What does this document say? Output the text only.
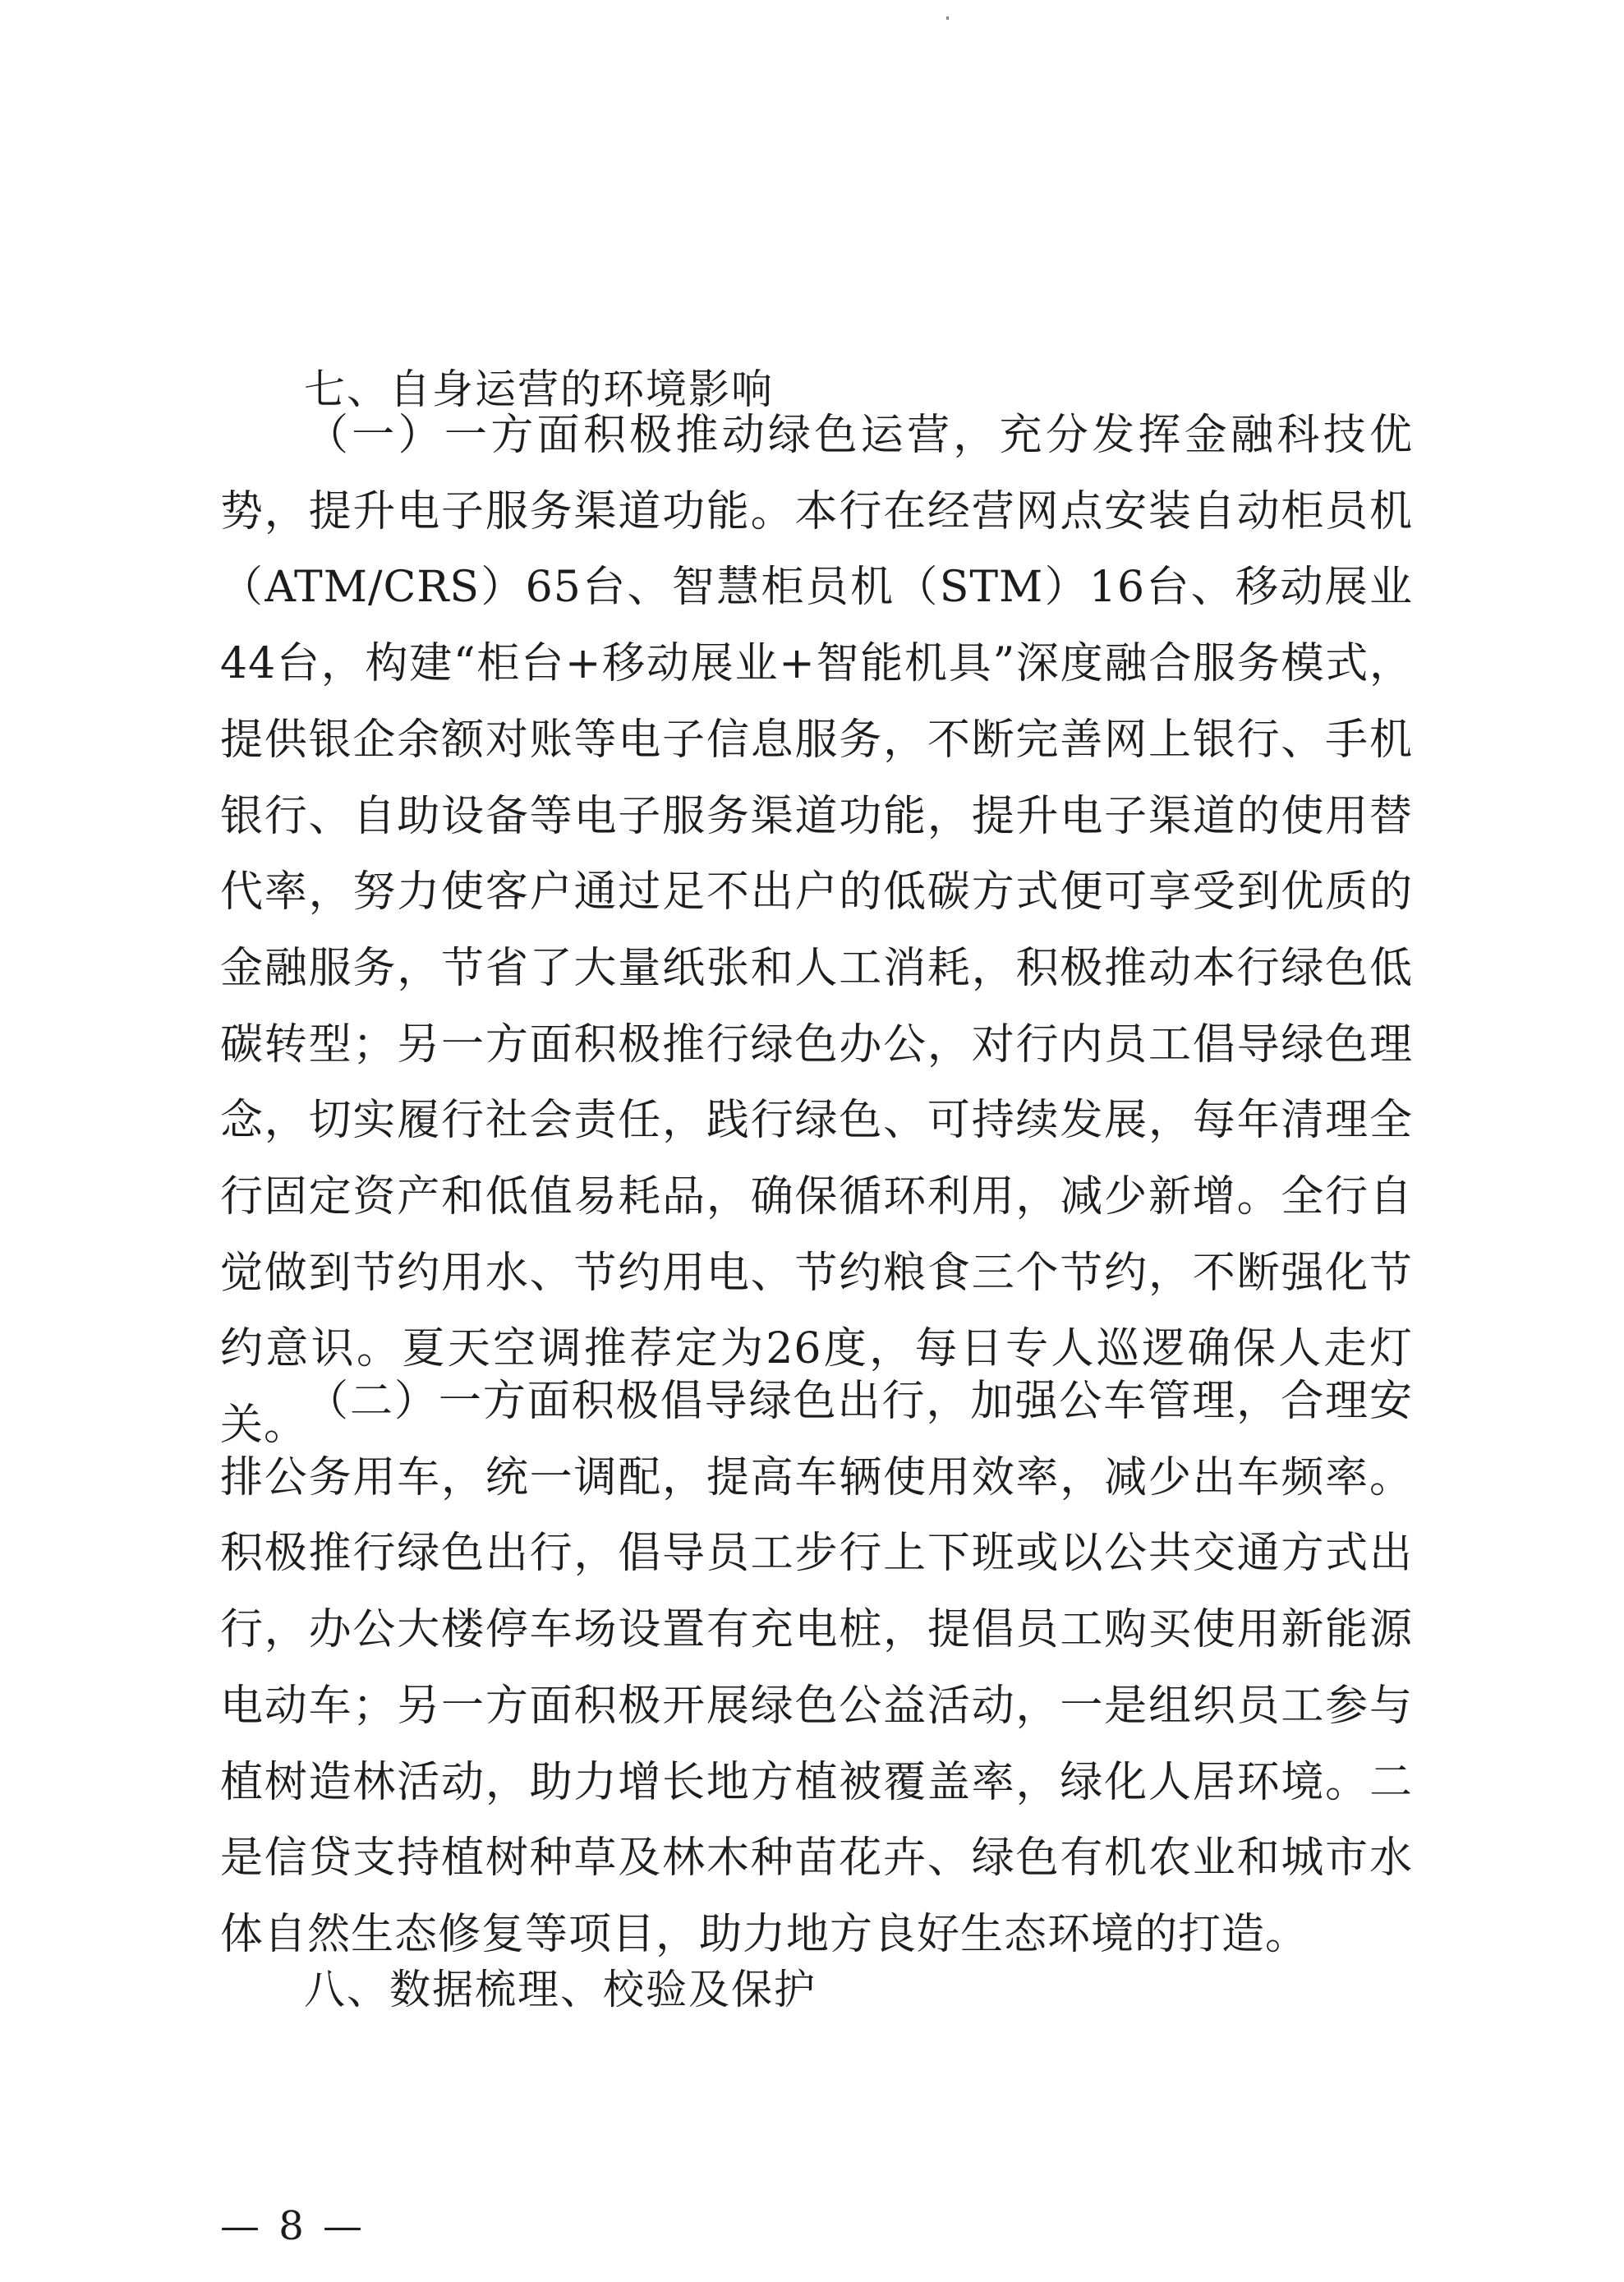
七、自身运营的环境影响

（一）一方面积极推动绿色运营，充分发挥金融科技优势，提升电子服务渠道功能。本行在经营网点安装自动柜员机（ATM/CRS）65台、智慧柜员机（STM）16台、移动展业44台，构建“柜台+移动展业+智能机具”深度融合服务模式，提供银企余额对账等电子信息服务，不断完善网上银行、手机银行、自助设备等电子服务渠道功能，提升电子渠道的使用替代率，努力使客户通过足不出户的低碳方式便可享受到优质的金融服务，节省了大量纸张和人工消耗，积极推动本行绿色低碳转型；另一方面积极推行绿色办公，对行内员工倡导绿色理念，切实履行社会责任，践行绿色、可持续发展，每年清理全行固定资产和低值易耗品，确保循环利用，减少新增。全行自觉做到节约用水、节约用电、节约粮食三个节约，不断强化节约意识。夏天空调推荐定为26度，每日专人巡逻确保人走灯关。

（二）一方面积极倡导绿色出行，加强公车管理，合理安排公务用车，统一调配，提高车辆使用效率，减少出车频率。积极推行绿色出行，倡导员工步行上下班或以公共交通方式出行，办公大楼停车场设置有充电桩，提倡员工购买使用新能源电动车；另一方面积极开展绿色公益活动，一是组织员工参与植树造林活动，助力增长地方植被覆盖率，绿化人居环境。二是信贷支持植树种草及林木种苗花卉、绿色有机农业和城市水体自然生态修复等项目，助力地方良好生态环境的打造。

八、数据梳理、校验及保护
— 8 —
